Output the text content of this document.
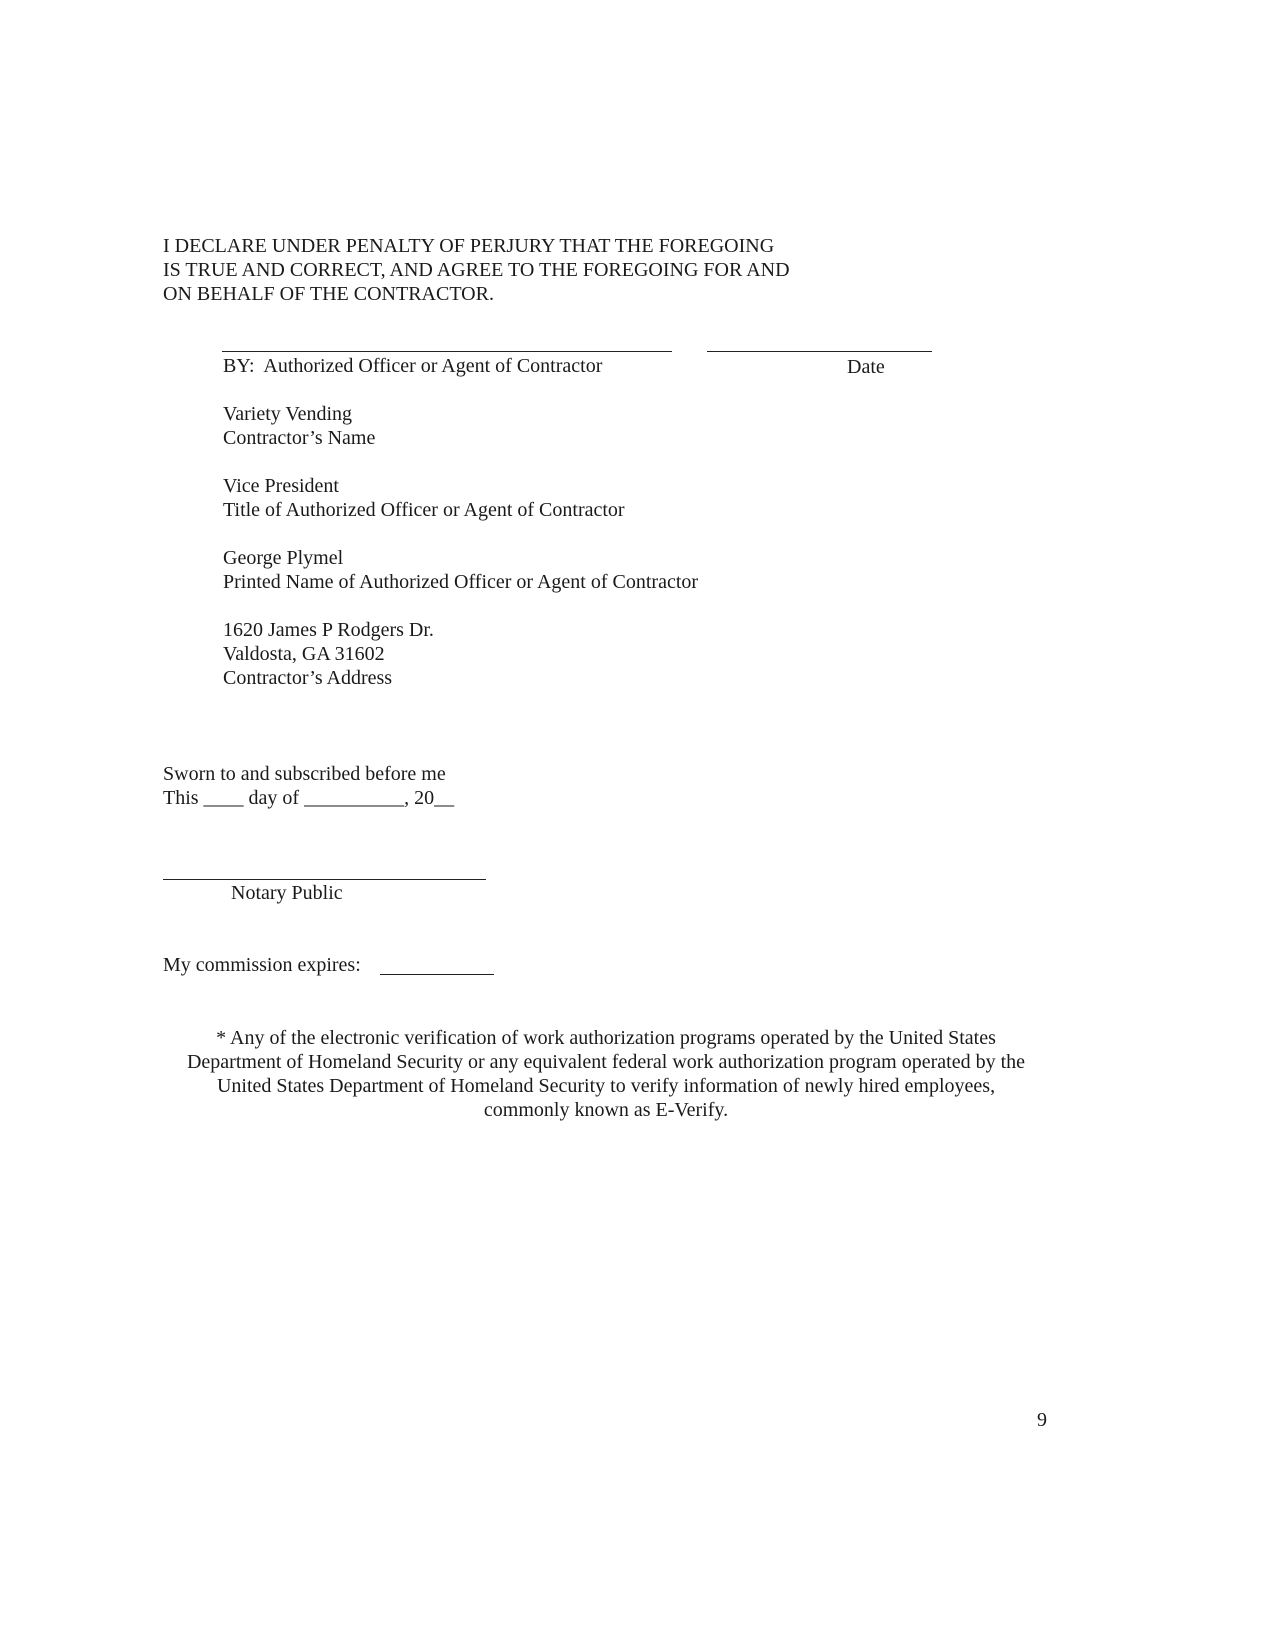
I DECLARE UNDER PENALTY OF PERJURY THAT THE FOREGOING
IS TRUE AND CORRECT, AND AGREE TO THE FOREGOING FOR AND
ON BEHALF OF THE CONTRACTOR.
BY:  Authorized Officer or Agent of Contractor	Date
Variety Vending
Contractor’s Name
Vice President
Title of Authorized Officer or Agent of Contractor
George Plymel
Printed Name of Authorized Officer or Agent of Contractor
1620 James P Rodgers Dr.
Valdosta, GA 31602
Contractor’s Address
Sworn to and subscribed before me
This ____ day of __________, 20__
Notary Public
My commission expires:
* Any of the electronic verification of work authorization programs operated by the United States
Department of Homeland Security or any equivalent federal work authorization program operated by the
United States Department of Homeland Security to verify information of newly hired employees,
commonly known as E-Verify.
9
